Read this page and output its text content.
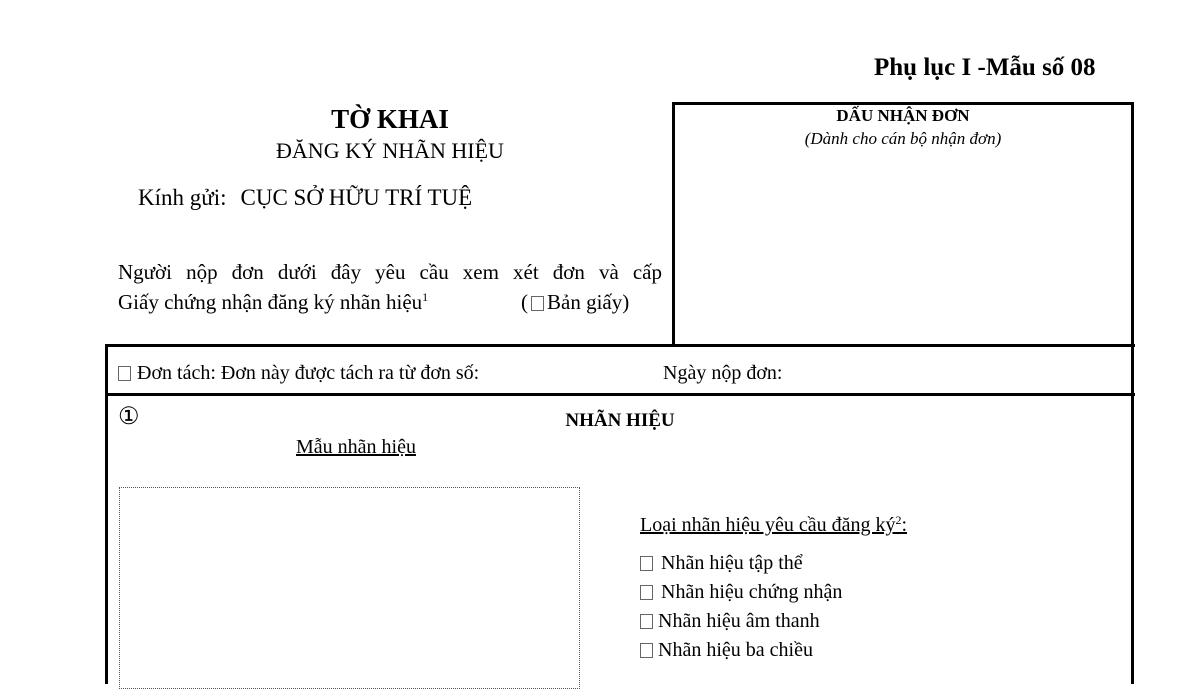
Phụ lục I -Mẫu số 08
TỜ KHAI
ĐĂNG KÝ NHÃN HIỆU
Kính gửi: CỤC SỞ HỮU TRÍ TUỆ
Người nộp đơn dưới đây yêu cầu xem xét đơn và cấp
Giấy chứng nhận đăng ký nhãn hiệu$^1$	( Bản giấy)
DẤU NHẬN ĐƠN
(Dành cho cán bộ nhận đơn)
Đơn tách: Đơn này được tách ra từ đơn số:	Ngày nộp đơn:
①	NHÃN HIỆU
Mẫu nhãn hiệu
Loại nhãn hiệu yêu cầu đăng $ký^2$:
Nhãn hiệu tập thể
Nhãn hiệu chứng nhận
Nhãn hiệu âm thanh
Nhãn hiệu ba chiều
